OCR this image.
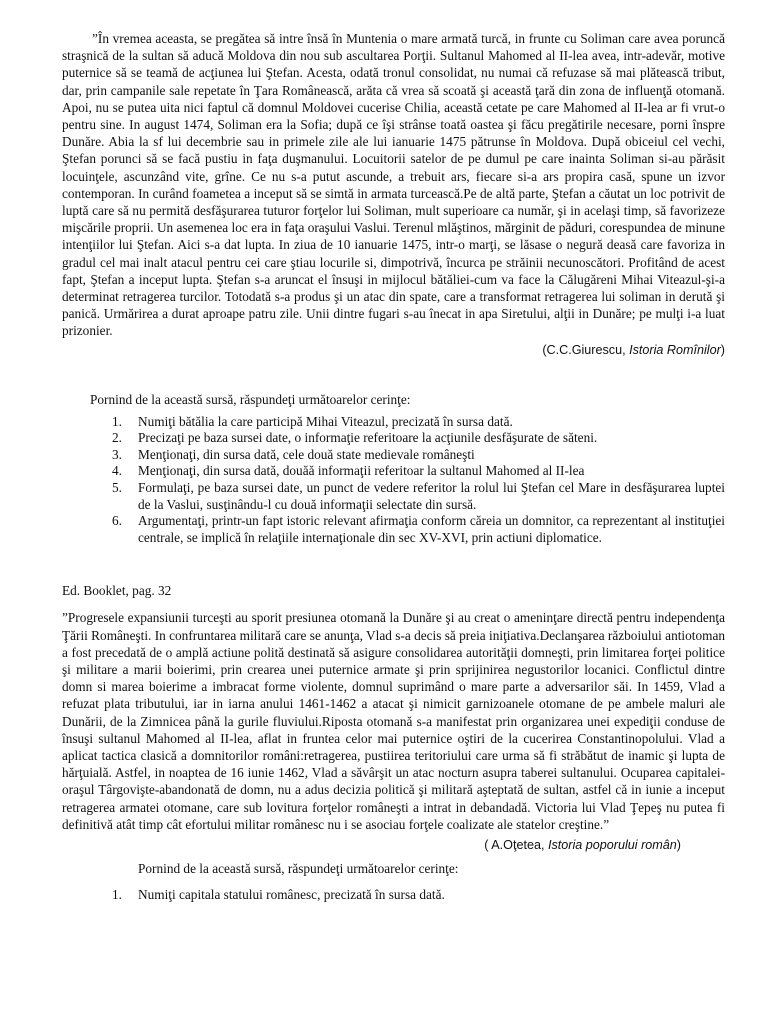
”În vremea aceasta, se pregătea să intre însă în Muntenia o mare armată turcă, in frunte cu Soliman care avea poruncă straşnică de la sultan să aducă Moldova din nou sub ascultarea Porţii. Sultanul Mahomed al II-lea avea, intr-adevăr, motive puternice să se teamă de acţiunea lui Ştefan. Acesta, odată tronul consolidat, nu numai că refuzase să mai plătească tribut, dar, prin campanile sale repetate în Ţara Românească, arăta că vrea să scoată şi această ţară din zona de influenţă otomană. Apoi, nu se putea uita nici faptul că domnul Moldovei cucerise Chilia, această cetate pe care Mahomed al II-lea ar fi vrut-o pentru sine. In august 1474, Soliman era la Sofia; după ce îşi strânse toată oastea şi făcu pregătirile necesare, porni înspre Dunăre. Abia la sf lui decembrie sau in primele zile ale lui ianuarie 1475 pătrunse în Moldova. După obiceiul cel vechi, Ştefan porunci să se facă pustiu in faţa duşmanului. Locuitorii satelor de pe dumul pe care inainta Soliman si-au părăsit locuinţele, ascunzând vite, grîne. Ce nu s-a putut ascunde, a trebuit ars, fiecare si-a ars propira casă, spune un izvor contemporan. In curând foametea a inceput să se simtă in armata turcească.Pe de altă parte, Ştefan a căutat un loc potrivit de luptă care să nu permită desfăşurarea tuturor forţelor lui Soliman, mult superioare ca număr, şi in acelaşi timp, să favorizeze mişcările proprii. Un asemenea loc era in faţa oraşului Vaslui. Terenul mlăştinos, mărginit de păduri, corespundea de minune intenţiilor lui Ştefan. Aici s-a dat lupta. In ziua de 10 ianuarie 1475, intr-o marţi, se lăsase o negură deasă care favoriza in gradul cel mai inalt atacul pentru cei care ştiau locurile si, dimpotrivă, încurca pe străinii necunoscători. Profitând de acest fapt, Ştefan a inceput lupta. Ştefan s-a aruncat el însuşi in mijlocul bătăliei-cum va face la Călugăreni Mihai Viteazul-şi-a determinat retragerea turcilor. Totodată s-a produs şi un atac din spate, care a transformat retragerea lui soliman in derută şi panică. Urmărirea a durat aproape patru zile. Unii dintre fugari s-au înecat in apa Siretului, alţii in Dunăre; pe mulţi i-a luat prizonier.

(C.C.Giurescu, Istoria Romînilor)

Pornind de la această sursă, răspundeţi următoarelor cerinţe:

1. Numiţi bătălia la care participă Mihai Viteazul, precizată în sursa dată.
2. Precizaţi pe baza sursei date, o informaţie referitoare la acţiunile desfăşurate de săteni.
3. Menţionaţi, din sursa dată, cele două state medievale româneşti
4. Menţionaţi, din sursa dată, douăă informaţii referitoar la sultanul Mahomed al II-lea
5. Formulaţi, pe baza sursei date, un punct de vedere referitor la rolul lui Ştefan cel Mare in desfăşurarea luptei de la Vaslui, susţinându-l cu două informaţii selectate din sursă.
6. Argumentaţi, printr-un fapt istoric relevant afirmaţia conform căreia un domnitor, ca reprezentant al instituţiei centrale, se implică în relaţiile internaţionale din sec XV-XVI, prin actiuni diplomatice.

Ed. Booklet, pag. 32

”Progresele expansiunii turceşti au sporit presiunea otomană la Dunăre şi au creat o ameninţare directă pentru independenţa Ţării Româneşti. In confruntarea militară care se anunţa, Vlad s-a decis să preia iniţiativa.Declanşarea războiului antiotoman a fost precedată de o amplă actiune polită destinată să asigure consolidarea autorităţii domneşti, prin limitarea forţei politice şi militare a marii boierimi, prin crearea unei puternice armate şi prin sprijinirea negustorilor locanici. Conflictul dintre domn si marea boierime a imbracat forme violente, domnul suprimând o mare parte a adversarilor săi. In 1459, Vlad a refuzat plata tributului, iar in iarna anului 1461-1462 a atacat şi nimicit garnizoanele otomane de pe ambele maluri ale Dunării, de la Zimnicea până la gurile fluviului.Riposta otomană s-a manifestat prin organizarea unei expediţii conduse de însuşi sultanul Mahomed al II-lea, aflat in fruntea celor mai puternice oştiri de la cucerirea Constantinopolului. Vlad a aplicat tactica clasică a domnitorilor români:retragerea, pustiirea teritoriului care urma să fi străbătut de inamic şi lupta de hărţuială. Astfel, in noaptea de 16 iunie 1462, Vlad a săvârşit un atac nocturn asupra taberei sultanului. Ocuparea capitalei-oraşul Târgovişte-abandonată de domn, nu a adus decizia politică şi militară aşteptată de sultan, astfel că in iunie a inceput retragerea armatei otomane, care sub lovitura forţelor româneşti a intrat in debandadă. Victoria lui Vlad Ţepeş nu putea fi definitivă atât timp cât efortului militar românesc nu i se asociau forţele coalizate ale statelor creştine.”

( A.Oţetea, Istoria poporului român)

Pornind de la această sursă, răspundeţi următoarelor cerinţe:

1. Numiţi capitala statului românesc, precizată în sursa dată.
